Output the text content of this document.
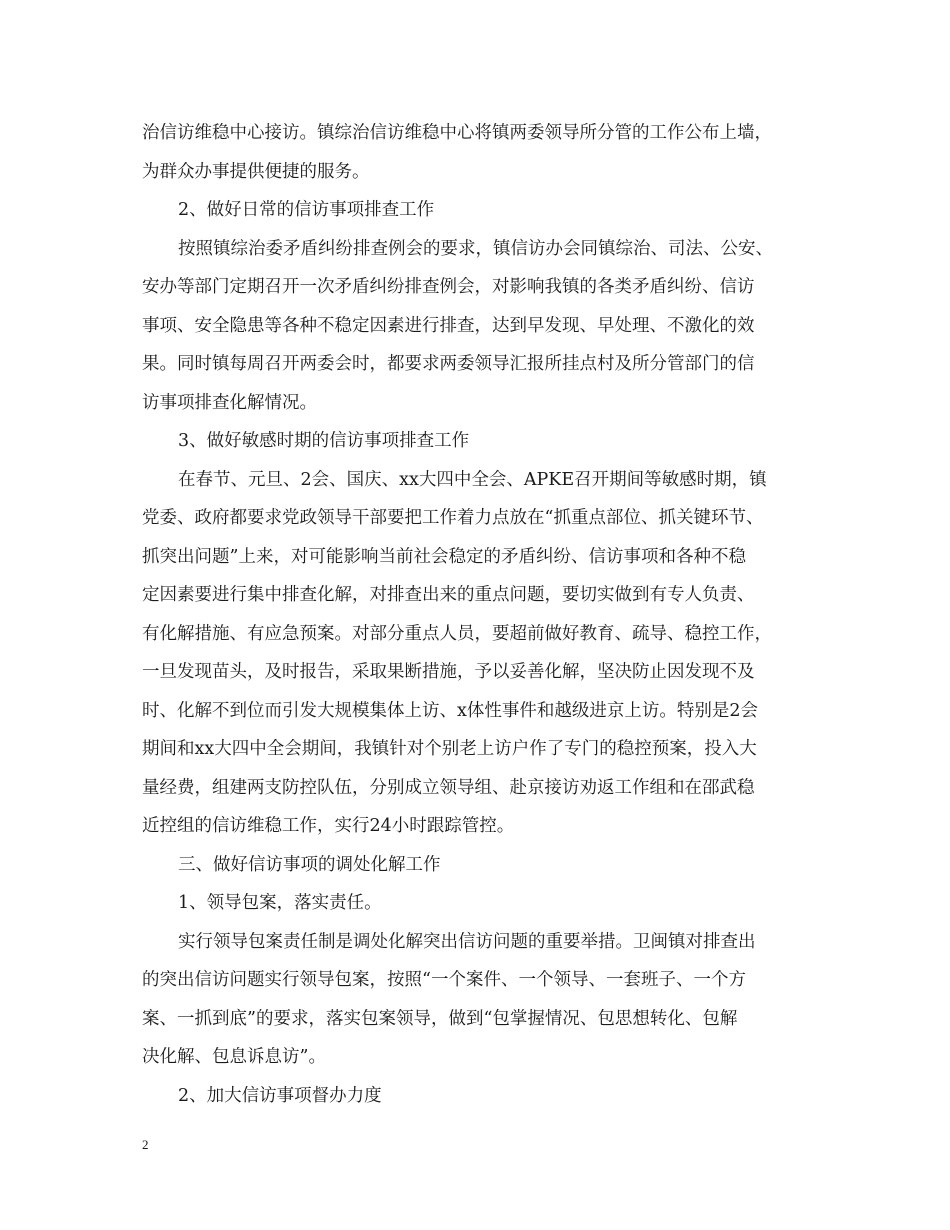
治信访维稳中心接访。镇综治信访维稳中心将镇两委领导所分管的工作公布上墙，
为群众办事提供便捷的服务。
2、做好日常的信访事项排查工作
按照镇综治委矛盾纠纷排查例会的要求，镇信访办会同镇综治、司法、公安、
安办等部门定期召开一次矛盾纠纷排查例会，对影响我镇的各类矛盾纠纷、信访
事项、安全隐患等各种不稳定因素进行排查，达到早发现、早处理、不激化的效
果。同时镇每周召开两委会时，都要求两委领导汇报所挂点村及所分管部门的信
访事项排查化解情况。
3、做好敏感时期的信访事项排查工作
在春节、元旦、2会、国庆、xx大四中全会、APKE召开期间等敏感时期，镇
党委、政府都要求党政领导干部要把工作着力点放在“抓重点部位、抓关键环节、
抓突出问题”上来，对可能影响当前社会稳定的矛盾纠纷、信访事项和各种不稳
定因素要进行集中排查化解，对排查出来的重点问题，要切实做到有专人负责、
有化解措施、有应急预案。对部分重点人员，要超前做好教育、疏导、稳控工作，
一旦发现苗头，及时报告，采取果断措施，予以妥善化解，坚决防止因发现不及
时、化解不到位而引发大规模集体上访、x体性事件和越级进京上访。特别是2会
期间和xx大四中全会期间，我镇针对个别老上访户作了专门的稳控预案，投入大
量经费，组建两支防控队伍，分别成立领导组、赴京接访劝返工作组和在邵武稳
近控组的信访维稳工作，实行24小时跟踪管控。
三、做好信访事项的调处化解工作
1、领导包案，落实责任。
实行领导包案责任制是调处化解突出信访问题的重要举措。卫闽镇对排查出
的突出信访问题实行领导包案，按照“一个案件、一个领导、一套班子、一个方
案、一抓到底”的要求，落实包案领导，做到“包掌握情况、包思想转化、包解
决化解、包息诉息访”。
2、加大信访事项督办力度
2
